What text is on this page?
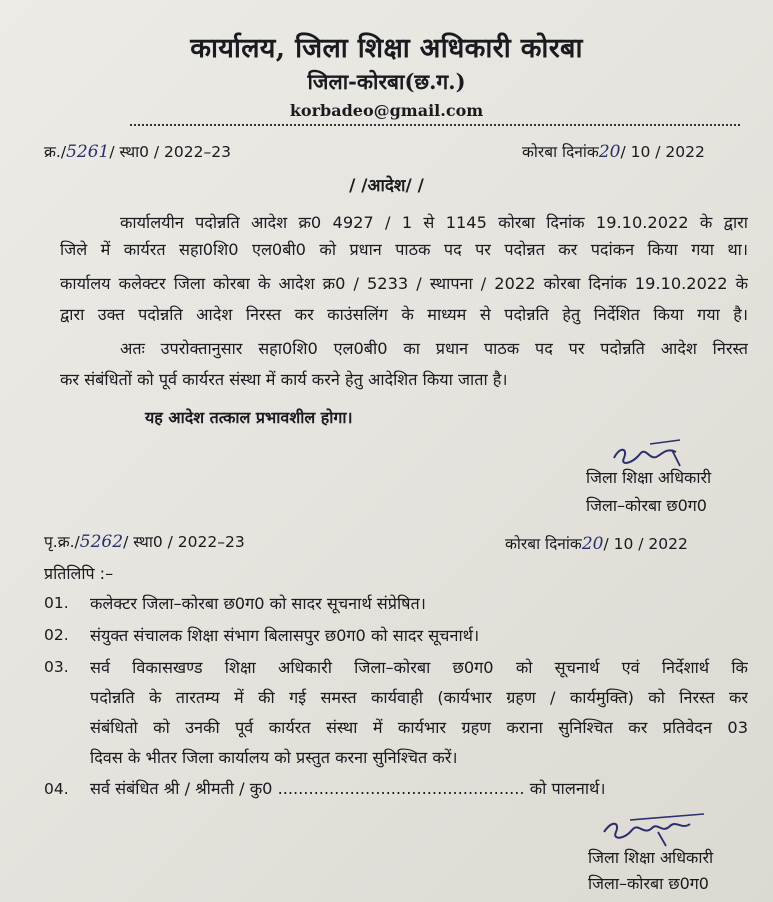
कार्यालय, जिला शिक्षा अधिकारी कोरबा
जिला-कोरबा(छ.ग.)
korbadeo@gmail.com
क्र./5261/ स्था0 / 2022–23	कोरबा दिनांक20/ 10 / 2022
/ /आदेश/ /
कार्यालयीन पदोन्नति आदेश क्र0 4927 / 1 से 1145 कोरबा दिनांक 19.10.2022 के द्वारा
जिले में कार्यरत सहा0शि0 एल0बी0 को प्रधान पाठक पद पर पदोन्नत कर पदांकन किया गया था।
कार्यालय कलेक्टर जिला कोरबा के आदेश क्र0 / 5233 / स्थापना / 2022 कोरबा दिनांक 19.10.2022 के
द्वारा उक्त पदोन्नति आदेश निरस्त कर काउंसलिंग के माध्यम से पदोन्नति हेतु निर्देशित किया गया है।
अतः उपरोक्तानुसार सहा0शि0 एल0बी0 का प्रधान पाठक पद पर पदोन्नति आदेश निरस्त
कर संबंधितों को पूर्व कार्यरत संस्था में कार्य करने हेतु आदेशित किया जाता है।
यह आदेश तत्काल प्रभावशील होगा।
जिला शिक्षा अधिकारी
जिला–कोरबा छ0ग0
पृ.क्र./5262/ स्था0 / 2022–23	कोरबा दिनांक20/ 10 / 2022
प्रतिलिपि :–
01. कलेक्टर जिला–कोरबा छ0ग0 को सादर सूचनार्थ संप्रेषित।
02. संयुक्त संचालक शिक्षा संभाग बिलासपुर छ0ग0 को सादर सूचनार्थ।
03. सर्व विकासखण्ड शिक्षा अधिकारी जिला–कोरबा छ0ग0 को सूचनार्थ एवं निर्देशार्थ कि
पदोन्नति के तारतम्य में की गई समस्त कार्यवाही (कार्यभार ग्रहण / कार्यमुक्ति) को निरस्त कर
संबंधितो को उनकी पूर्व कार्यरत संस्था में कार्यभार ग्रहण कराना सुनिश्चित कर प्रतिवेदन 03
दिवस के भीतर जिला कार्यालय को प्रस्तुत करना सुनिश्चित करें।
04. सर्व संबंधित श्री / श्रीमती / कु0 ................................................ को पालनार्थ।
जिला शिक्षा अधिकारी
जिला–कोरबा छ0ग0
